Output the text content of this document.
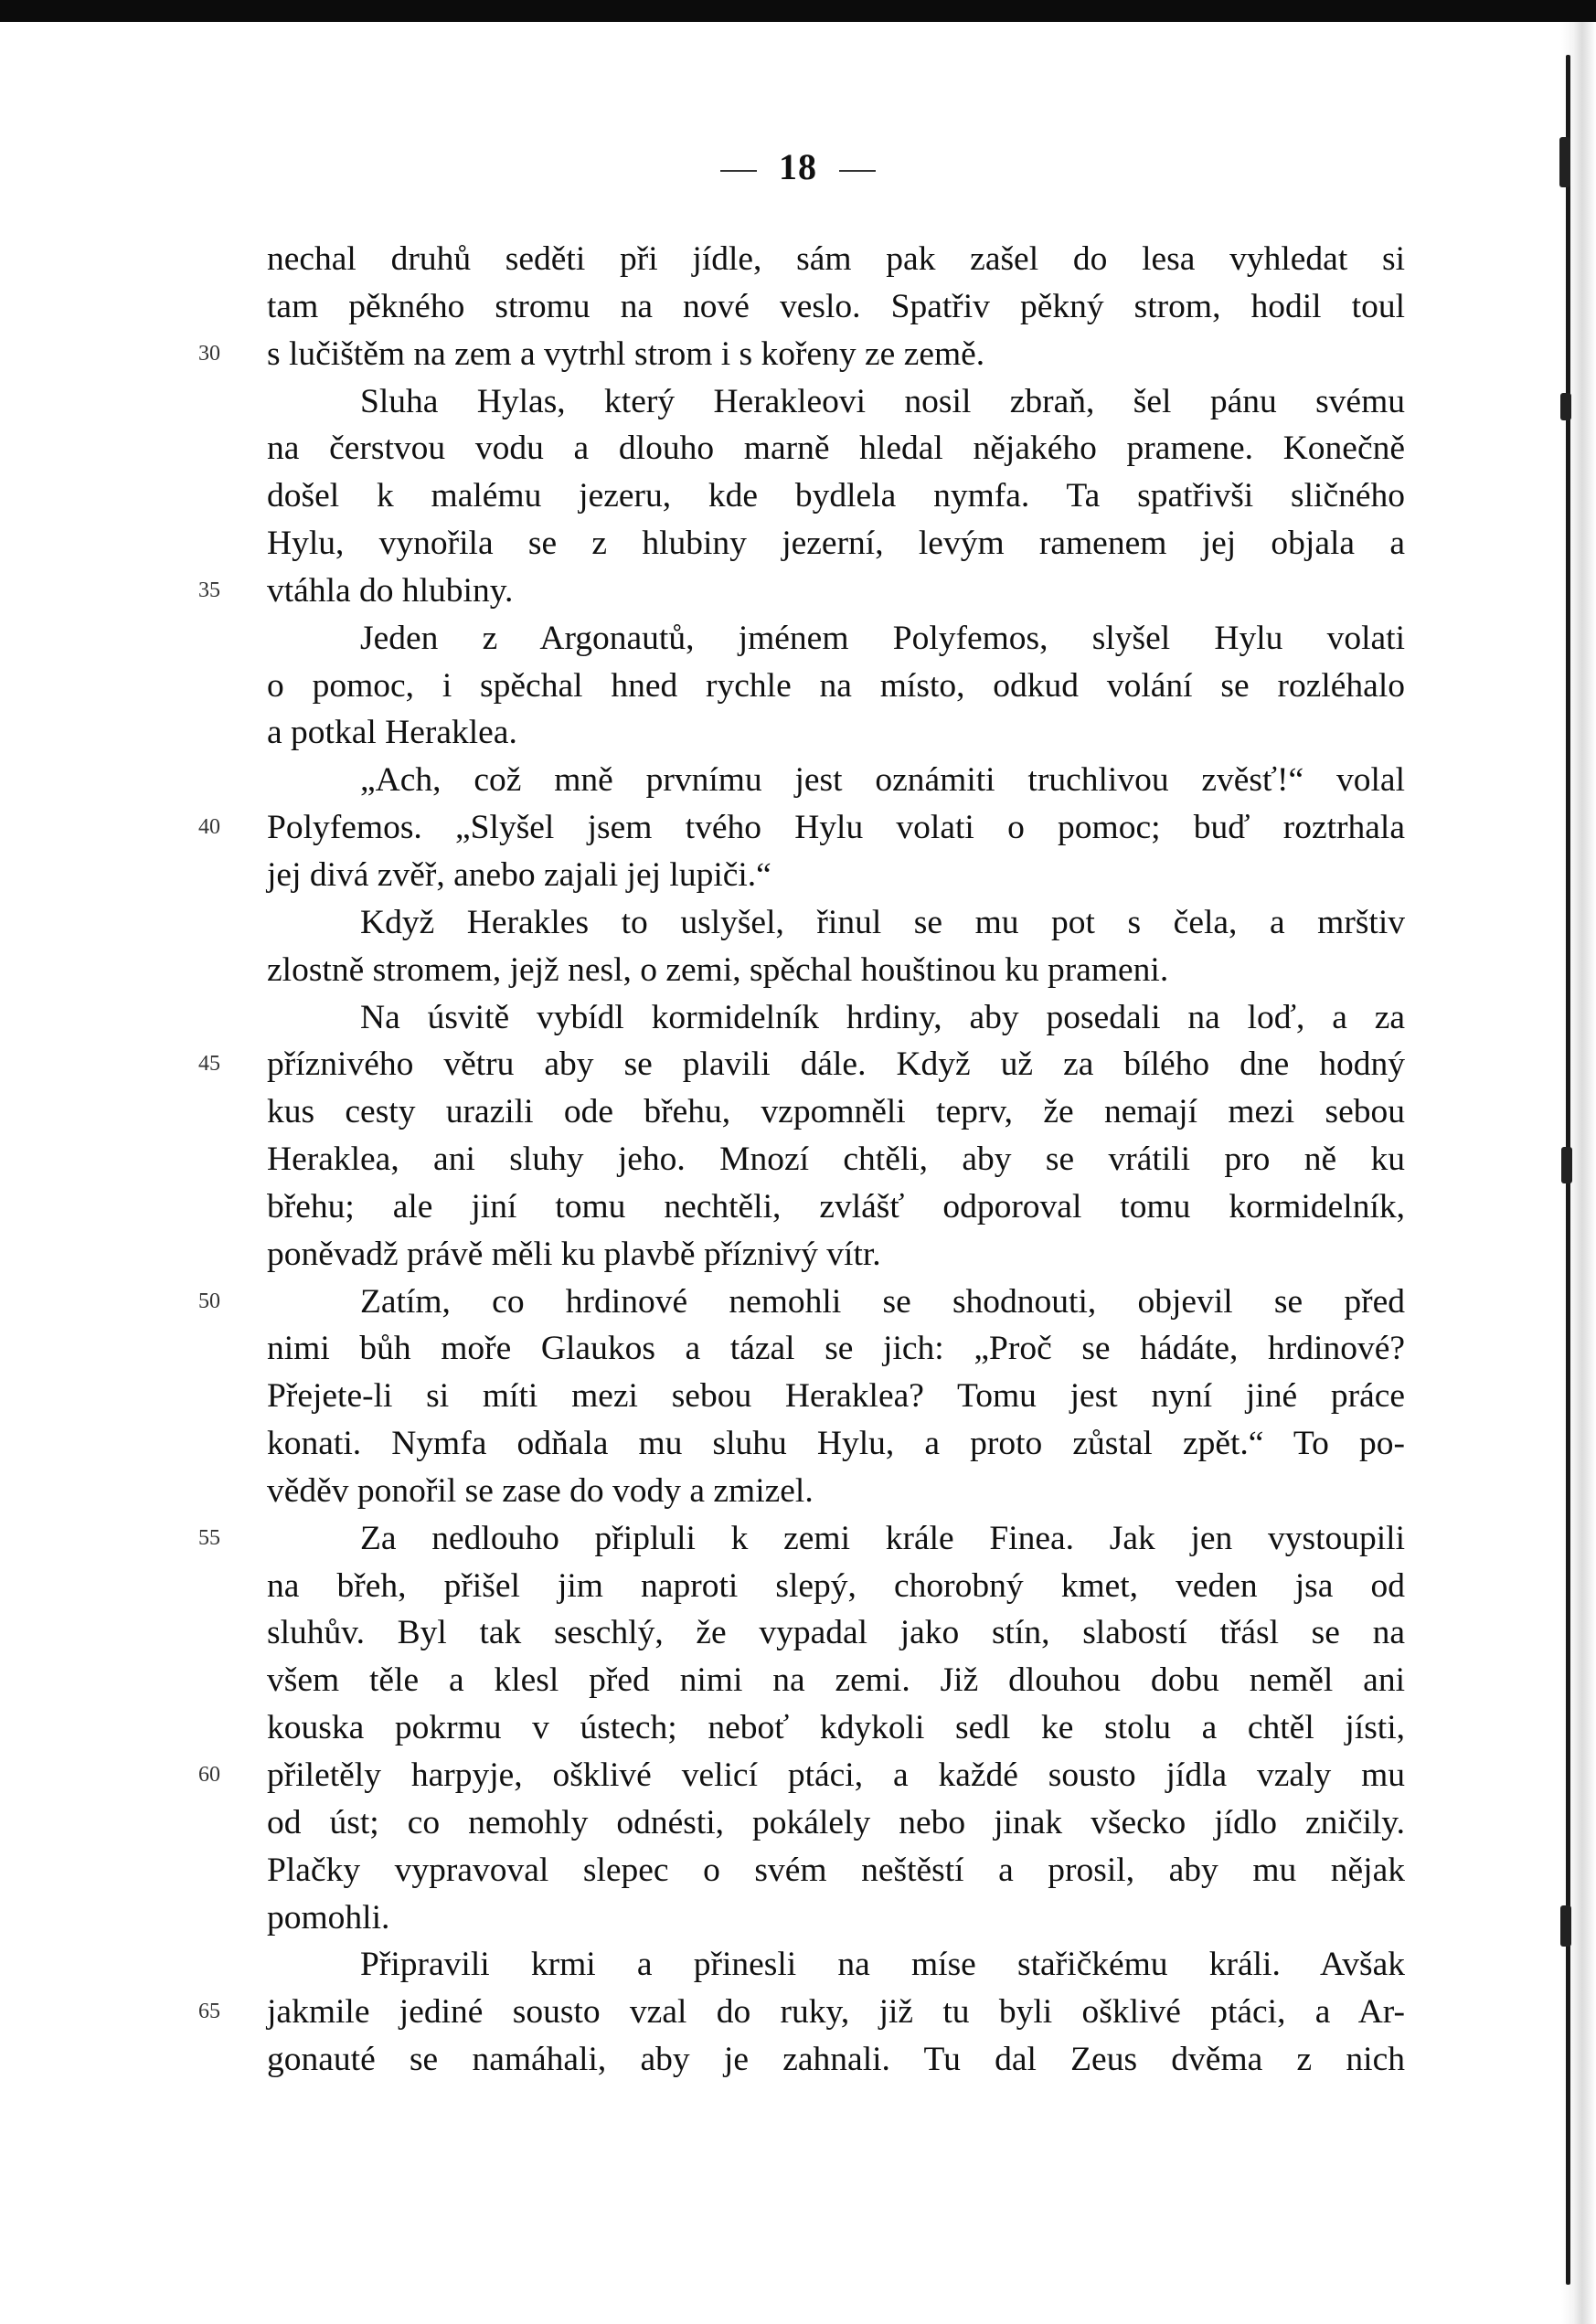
18
nechal druhů seděti při jídle, sám pak zašel do lesa vyhledat si
tam pěkného stromu na nové veslo. Spatřiv pěkný strom, hodil toul
30	s lučištěm na zem a vytrhl strom i s kořeny ze země.
Sluha Hylas, který Herakleovi nosil zbraň, šel pánu svému
na čerstvou vodu a dlouho marně hledal nějakého pramene. Konečně
došel k malému jezeru, kde bydlela nymfa. Ta spatřivši sličného
Hylu, vynořila se z hlubiny jezerní, levým ramenem jej objala a
35	vtáhla do hlubiny.
Jeden z Argonautů, jménem Polyfemos, slyšel Hylu volati
o pomoc, i spěchal hned rychle na místo, odkud volání se rozléhalo
a potkal Heraklea.
„Ach, což mně prvnímu jest oznámiti truchlivou zvěsť!“ volal
40	Polyfemos. „Slyšel jsem tvého Hylu volati o pomoc; buď roztrhala
jej divá zvěř, anebo zajali jej lupiči.“
Když Herakles to uslyšel, řinul se mu pot s čela, a mrštiv
zlostně stromem, jejž nesl, o zemi, spěchal houštinou ku prameni.
Na úsvitě vybídl kormidelník hrdiny, aby posedali na loď, a za
45	příznivého větru aby se plavili dále. Když už za bílého dne hodný
kus cesty urazili ode břehu, vzpomněli teprv, že nemají mezi sebou
Heraklea, ani sluhy jeho. Mnozí chtěli, aby se vrátili pro ně ku
břehu; ale jiní tomu nechtěli, zvlášť odporoval tomu kormidelník,
poněvadž právě měli ku plavbě příznivý vítr.
50	Zatím, co hrdinové nemohli se shodnouti, objevil se před
nimi bůh moře Glaukos a tázal se jich: „Proč se hádáte, hrdinové?
Přejete-li si míti mezi sebou Heraklea? Tomu jest nyní jiné práce
konati. Nymfa odňala mu sluhu Hylu, a proto zůstal zpět.“ To po-
věděv ponořil se zase do vody a zmizel.
55	Za nedlouho připluli k zemi krále Finea. Jak jen vystoupili
na břeh, přišel jim naproti slepý, chorobný kmet, veden jsa od
sluhův. Byl tak seschlý, že vypadal jako stín, slabostí třásl se na
všem těle a klesl před nimi na zemi. Již dlouhou dobu neměl ani
kouska pokrmu v ústech; neboť kdykoli sedl ke stolu a chtěl jísti,
60	přiletěly harpyje, ošklivé velicí ptáci, a každé sousto jídla vzaly mu
od úst; co nemohly odnésti, pokálely nebo jinak všecko jídlo zničily.
Plačky vypravoval slepec o svém neštěstí a prosil, aby mu nějak
pomohli.
Připravili krmi a přinesli na míse stařičkému králi. Avšak
65	jakmile jediné sousto vzal do ruky, již tu byli ošklivé ptáci, a Ar-
gonauté se namáhali, aby je zahnali. Tu dal Zeus dvěma z nich
